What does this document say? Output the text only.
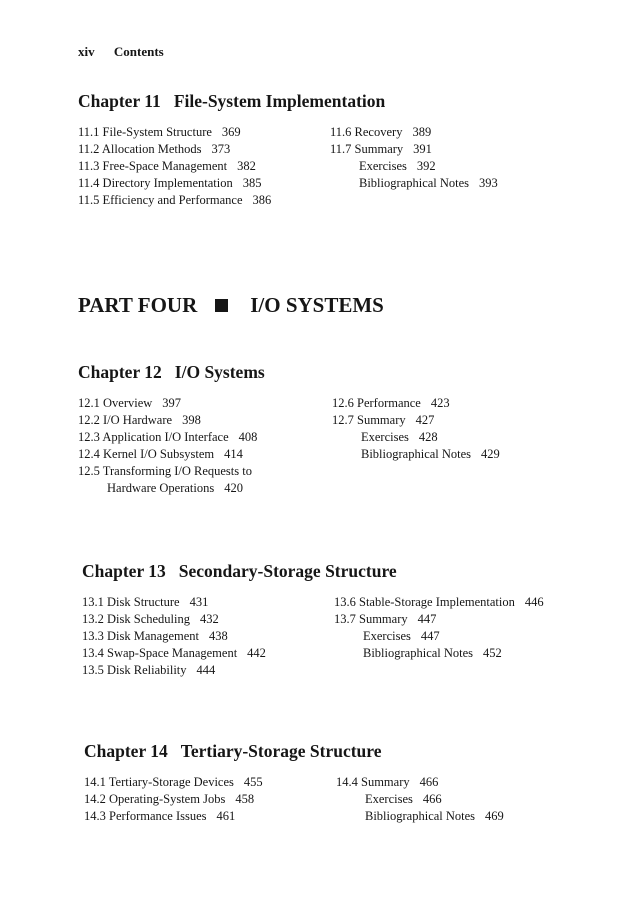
xiv Contents
PART FOUR	I/O SYSTEMS
Chapter 11 File-System Implementation
11.1 File-System Structure 369
11.2 Allocation Methods 373
11.3 Free-Space Management 382
11.4 Directory Implementation 385
11.5 Efficiency and Performance 386
11.6 Recovery 389
11.7 Summary 391
Exercises 392
Bibliographical Notes 393
Chapter 12 I/O Systems
12.1 Overview 397
12.2 I/O Hardware 398
12.3 Application I/O Interface 408
12.4 Kernel I/O Subsystem 414
12.5 Transforming I/O Requests to
Hardware Operations 420
12.6 Performance 423
12.7 Summary 427
Exercises 428
Bibliographical Notes 429
Chapter 13 Secondary-Storage Structure
13.1 Disk Structure 431
13.2 Disk Scheduling 432
13.3 Disk Management 438
13.4 Swap-Space Management 442
13.5 Disk Reliability 444
13.6 Stable-Storage Implementation 446
13.7 Summary 447
Exercises 447
Bibliographical Notes 452
Chapter 14 Tertiary-Storage Structure
14.1 Tertiary-Storage Devices 455
14.2 Operating-System Jobs 458
14.3 Performance Issues 461
14.4 Summary 466
Exercises 466
Bibliographical Notes 469
